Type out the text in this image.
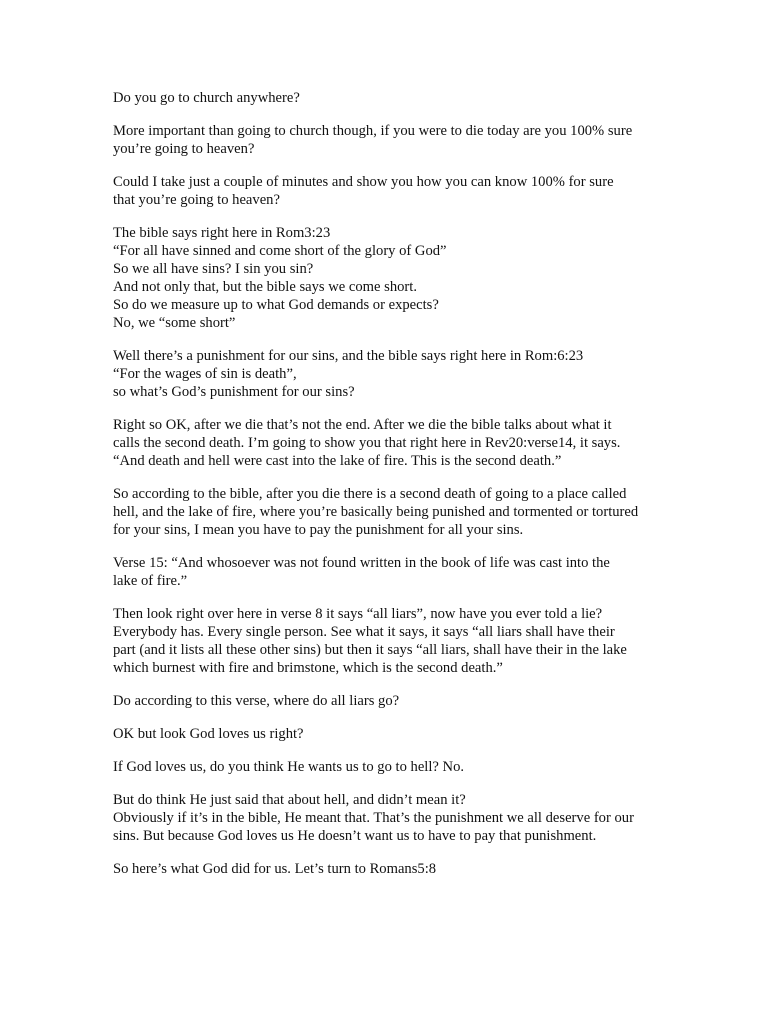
Do you go to church anywhere?

More important than going to church though, if you were to die today are you 100% sure
you’re going to heaven?

Could I take just a couple of minutes and show you how you can know 100% for sure
that you’re going to heaven?

The bible says right here in Rom3:23
“For all have sinned and come short of the glory of God”
So we all have sins? I sin you sin?
And not only that, but the bible says we come short.
So do we measure up to what God demands or expects?
No, we “some short”

Well there’s a punishment for our sins, and the bible says right here in Rom:6:23
“For the wages of sin is death”,
so what’s God’s punishment for our sins?

Right so OK, after we die that’s not the end. After we die the bible talks about what it
calls the second death. I’m going to show you that right here in Rev20:verse14, it says.
“And death and hell were cast into the lake of fire. This is the second death.”

So according to the bible, after you die there is a second death of going to a place called
hell, and the lake of fire, where you’re basically being punished and tormented or tortured
for your sins, I mean you have to pay the punishment for all your sins.

Verse 15: “And whosoever was not found written in the book of life was cast into the
lake of fire.”

Then look right over here in verse 8 it says “all liars”, now have you ever told a lie?
Everybody has. Every single person. See what it says, it says “all liars shall have their
part (and it lists all these other sins) but then it says “all liars, shall have their in the lake
which burnest with fire and brimstone, which is the second death.”

Do according to this verse, where do all liars go?

OK but look God loves us right?

If God loves us, do you think He wants us to go to hell? No.

But do think He just said that about hell, and didn’t mean it?
Obviously if it’s in the bible, He meant that. That’s the punishment we all deserve for our
sins. But because God loves us He doesn’t want us to have to pay that punishment.

So here’s what God did for us. Let’s turn to Romans5:8
